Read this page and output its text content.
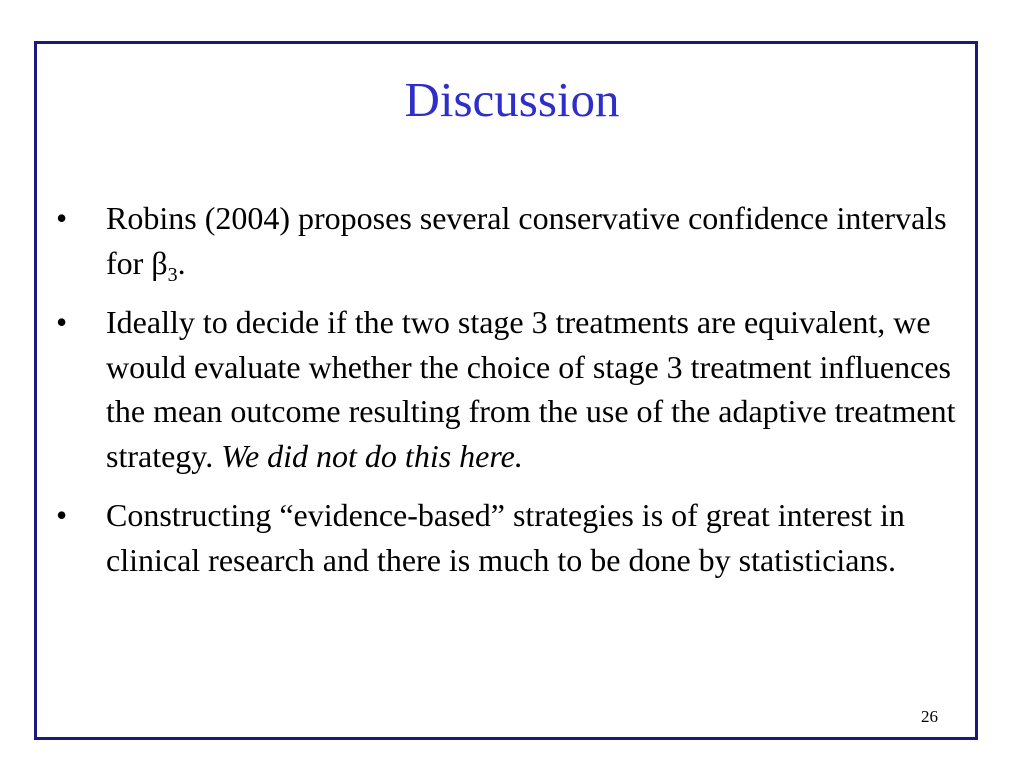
Discussion
• Robins (2004) proposes several conservative confidence intervals for $\beta_3$.
• Ideally to decide if the two stage 3 treatments are equivalent, we would evaluate whether the choice of stage 3 treatment influences the mean outcome resulting from the use of the adaptive treatment strategy. We did not do this here.
• Constructing “evidence-based” strategies is of great interest in clinical research and there is much to be done by statisticians.
26
